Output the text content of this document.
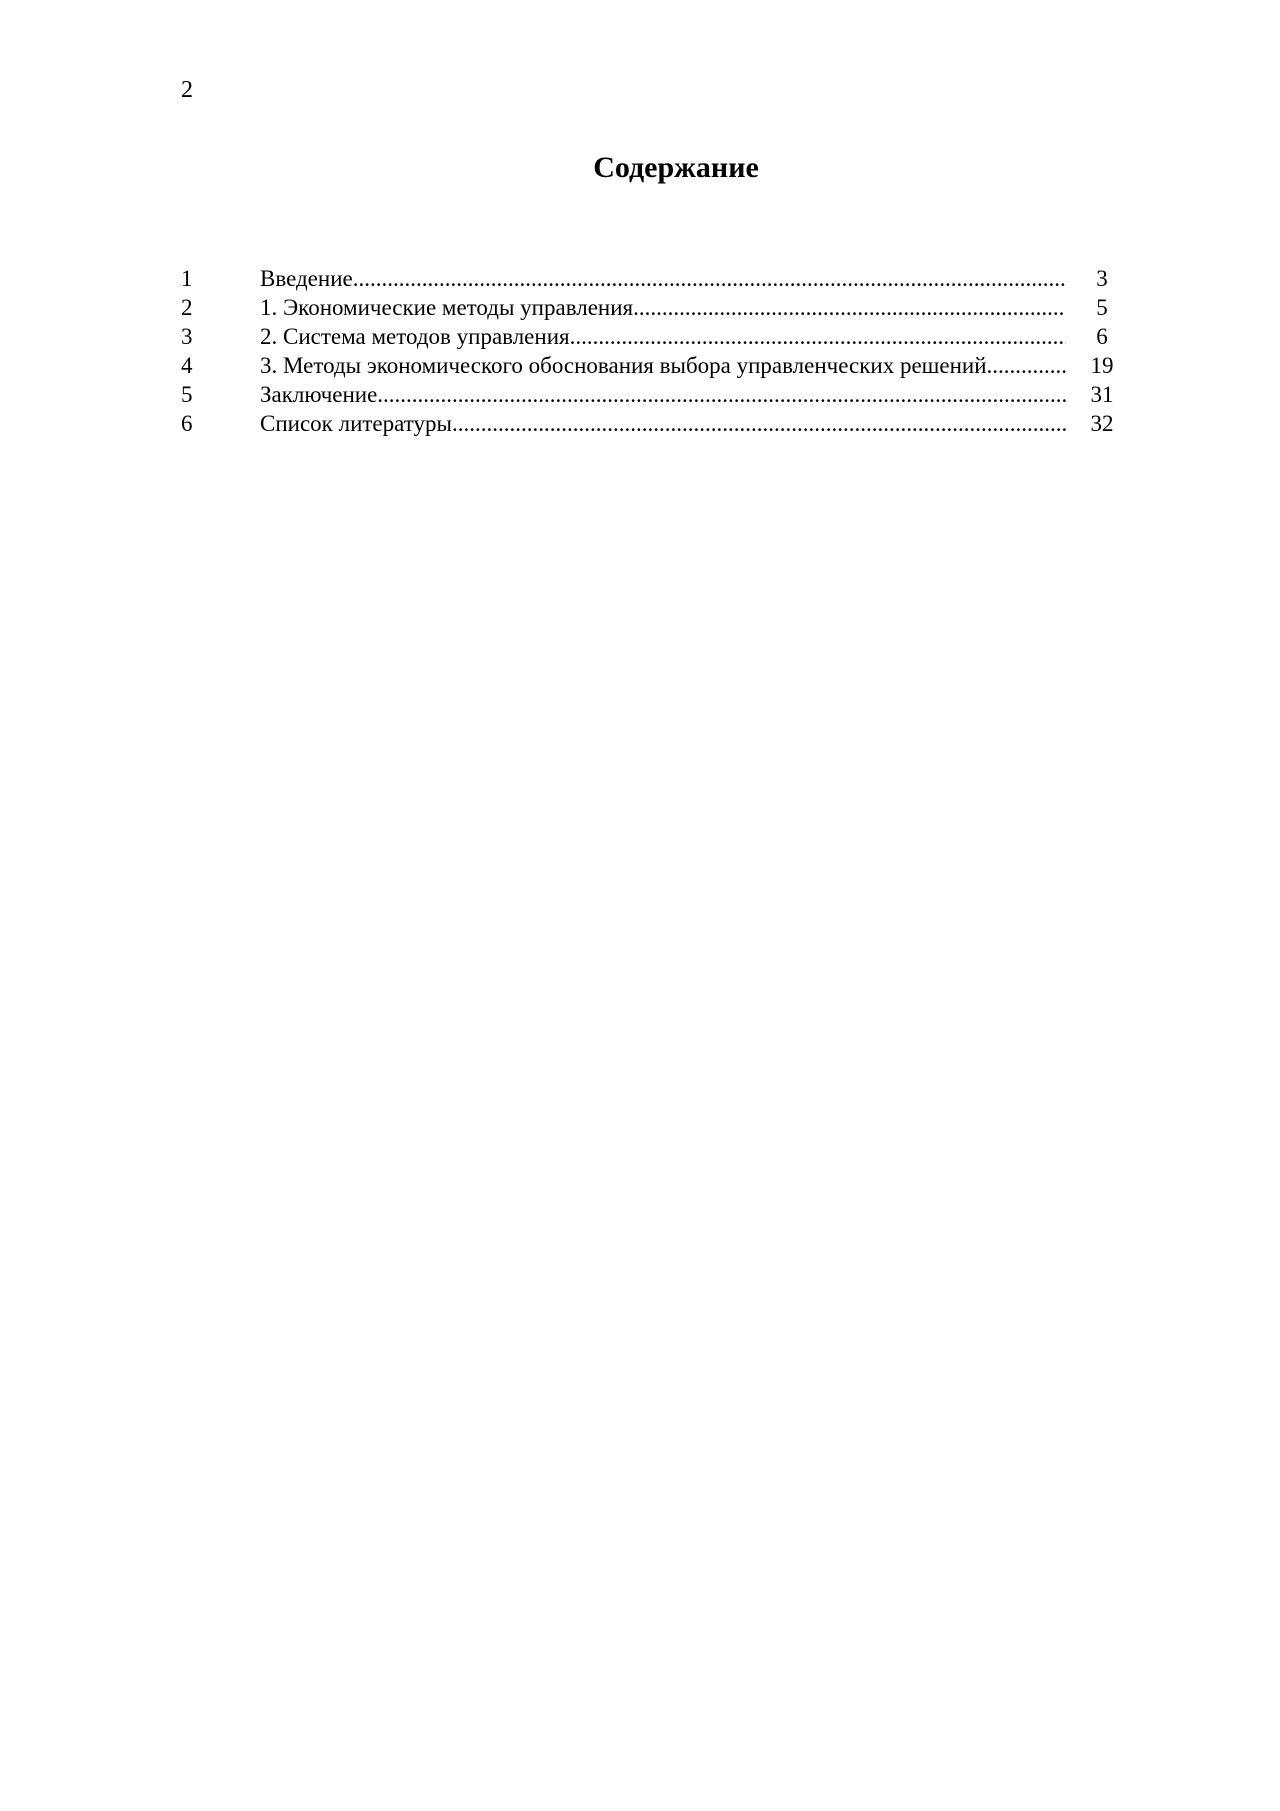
2
Содержание
1	Введение .....	3
2	1. Экономические методы управления .....	5
3	2. Система методов управления .....	6
4	3. Методы экономического обоснования выбора управленческих решений .....	19
5	Заключение .....	31
6	Список литературы .....	32
